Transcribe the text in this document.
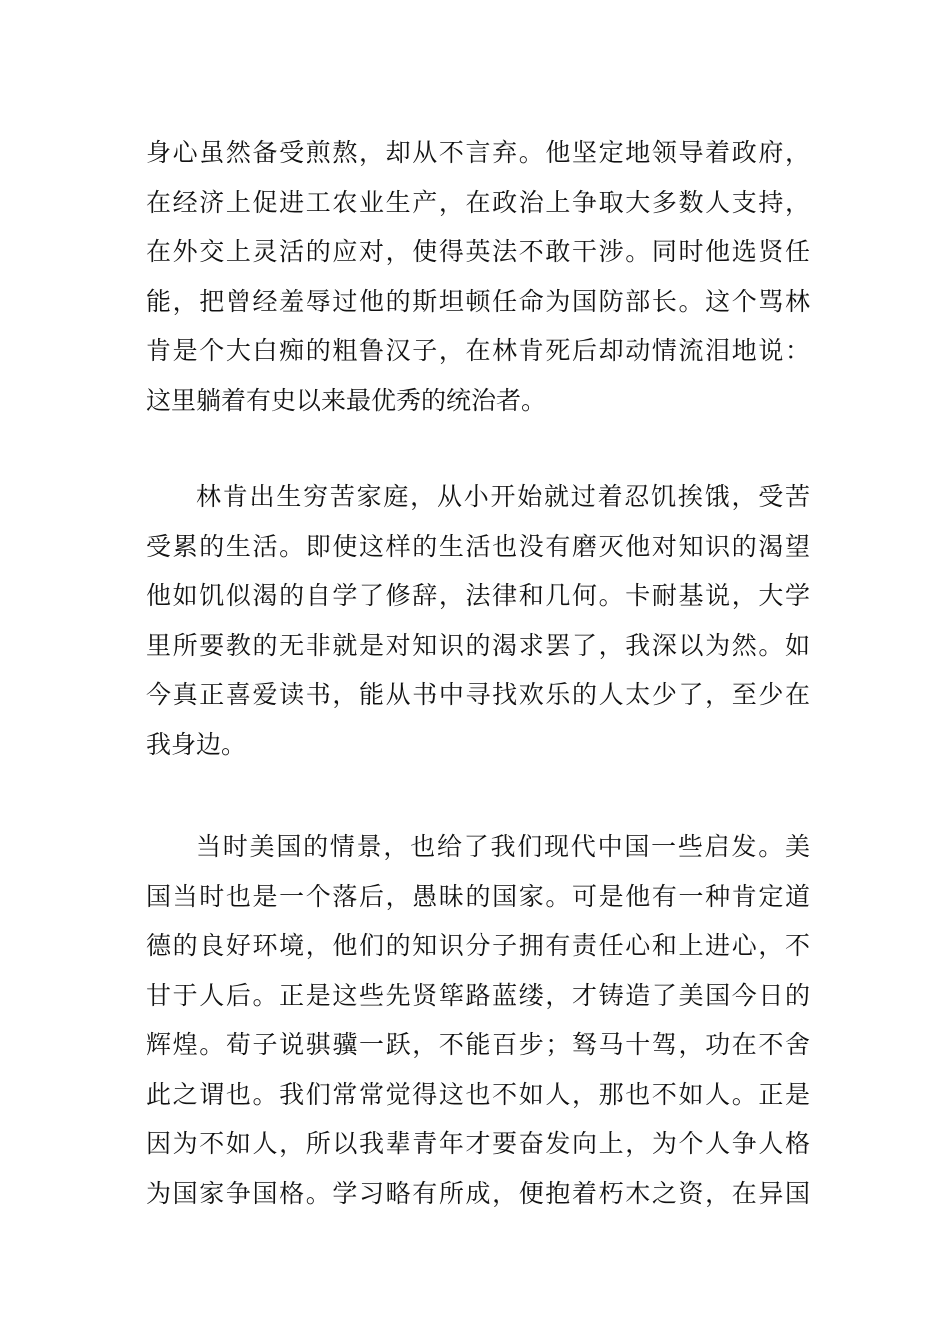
身心虽然备受煎熬，却从不言弃。他坚定地领导着政府，
在经济上促进工农业生产，在政治上争取大多数人支持，
在外交上灵活的应对，使得英法不敢干涉。同时他选贤任
能，把曾经羞辱过他的斯坦顿任命为国防部长。这个骂林
肯是个大白痴的粗鲁汉子，在林肯死后却动情流泪地说：
这里躺着有史以来最优秀的统治者。
林肯出生穷苦家庭，从小开始就过着忍饥挨饿，受苦
受累的生活。即使这样的生活也没有磨灭他对知识的渴望
他如饥似渴的自学了修辞，法律和几何。卡耐基说，大学
里所要教的无非就是对知识的渴求罢了，我深以为然。如
今真正喜爱读书，能从书中寻找欢乐的人太少了，至少在
我身边。
当时美国的情景，也给了我们现代中国一些启发。美
国当时也是一个落后，愚昧的国家。可是他有一种肯定道
德的良好环境，他们的知识分子拥有责任心和上进心，不
甘于人后。正是这些先贤筚路蓝缕，才铸造了美国今日的
辉煌。荀子说骐骥一跃，不能百步；驽马十驾，功在不舍
此之谓也。我们常常觉得这也不如人，那也不如人。正是
因为不如人，所以我辈青年才要奋发向上，为个人争人格
为国家争国格。学习略有所成，便抱着朽木之资，在异国
